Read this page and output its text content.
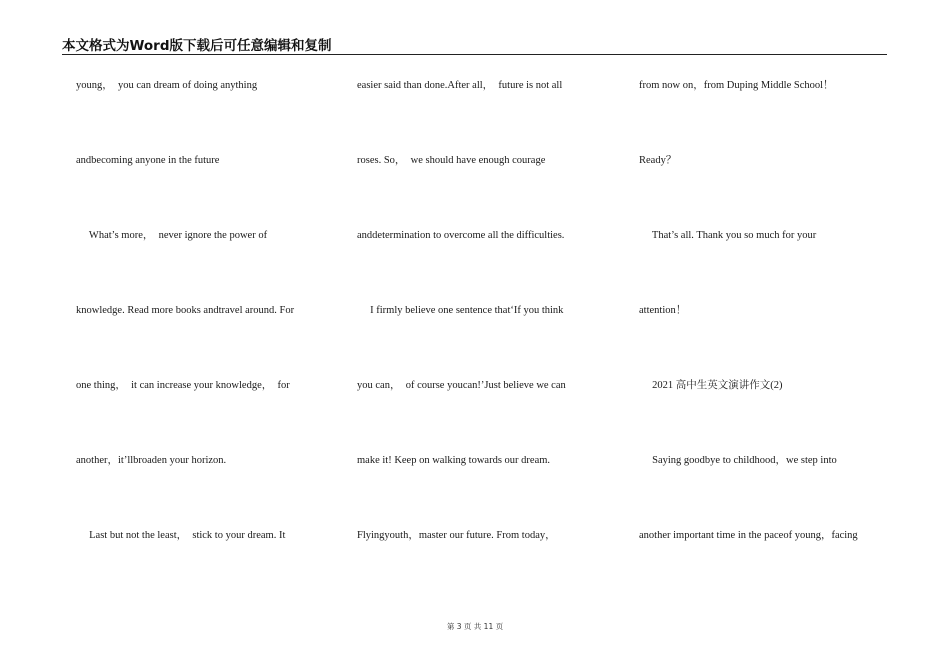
本文格式为Word版下载后可任意编辑和复制
young，  you can dream of doing anything
andbecoming anyone in the future
What’s more，  never ignore the power of
knowledge. Read more books andtravel around. For
one thing，  it can increase your knowledge，  for
another，it’llbroaden your horizon.
Last but not the least，  stick to your dream. It
easier said than done.After all，  future is not all
roses. So，  we should have enough courage
anddetermination to overcome all the difficulties.
I firmly believe one sentence that‘If you think
you can，  of course youcan!’Just believe we can
make it! Keep on walking towards our dream.
Flyingyouth，master our future. From today，
from now on，from Duping Middle School！
Ready？
That’s all. Thank you so much for your
attention！
2021 高中生英文演讲作文(2)
Saying goodbye to childhood，we step into
another important time in the paceof young，facing
第 3 页 共 11 页
